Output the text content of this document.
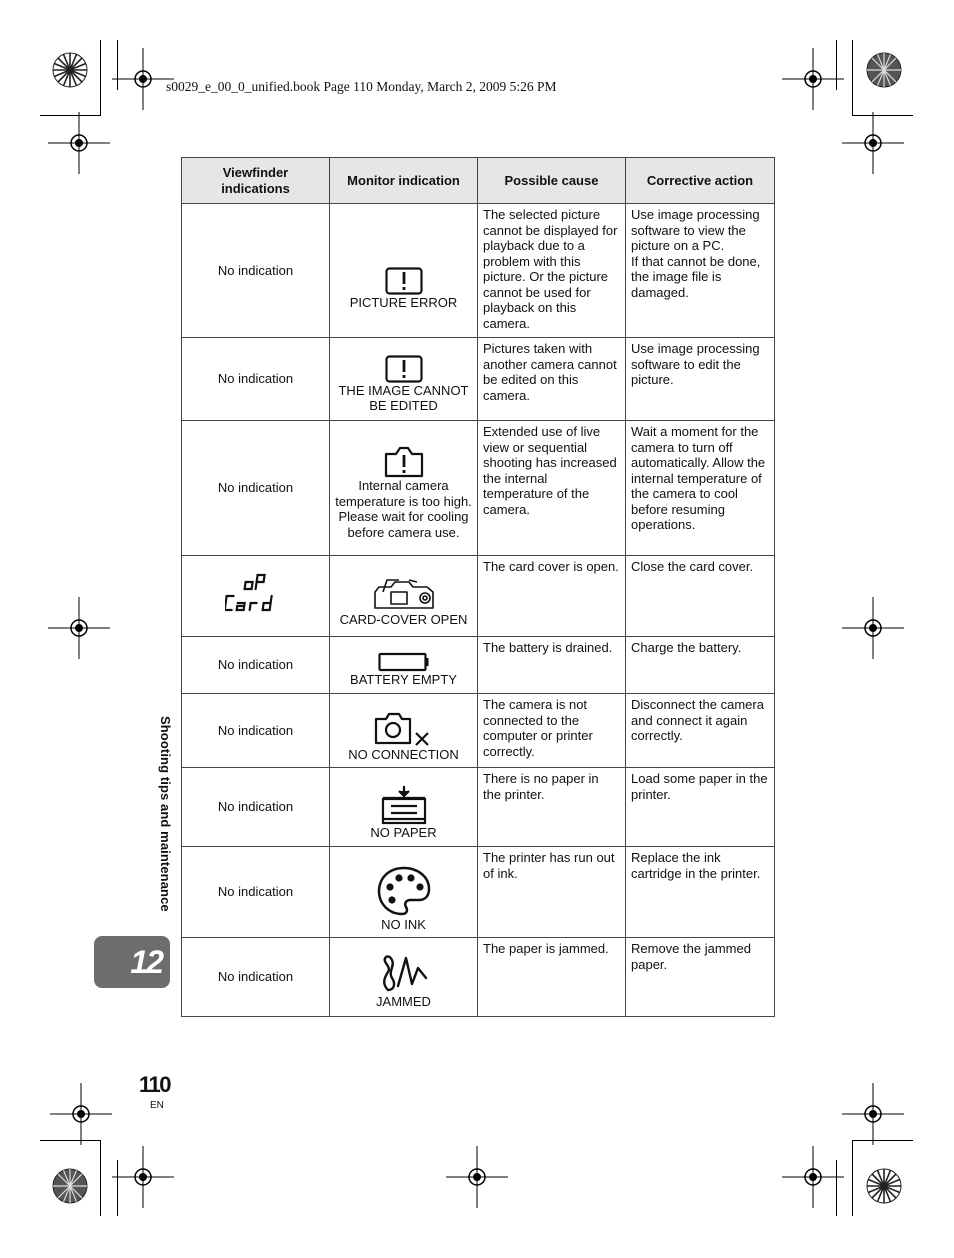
s0029_e_00_0_unified.book Page 110 Monday, March 2, 2009 5:26 PM
Viewfinder indications	Monitor indication	Possible cause	Corrective action
No indication	PICTURE ERROR	The selected picture cannot be displayed for playback due to a problem with this picture. Or the picture cannot be used for playback on this camera.	Use image processing software to view the picture on a PC.
If that cannot be done, the image file is damaged.
No indication	THE IMAGE CANNOT BE EDITED	Pictures taken with another camera cannot be edited on this camera.	Use image processing software to edit the picture.
No indication	Internal camera temperature is too high. Please wait for cooling before camera use.	Extended use of live view or sequential shooting has increased the internal temperature of the camera.	Wait a moment for the camera to turn off automatically. Allow the internal temperature of the camera to cool before resuming operations.

oP Card	CARD-COVER OPEN	The card cover is open.	Close the card cover.
No indication	BATTERY EMPTY	The battery is drained.	Charge the battery.
No indication	NO CONNECTION	The camera is not connected to the computer or printer correctly.	Disconnect the camera and connect it again correctly.
No indication	NO PAPER	There is no paper in the printer.	Load some paper in the printer.
No indication	NO INK	The printer has run out of ink.	Replace the ink cartridge in the printer.
No indication	JAMMED	The paper is jammed.	Remove the jammed paper.
Shooting tips and maintenance
12
110
EN
